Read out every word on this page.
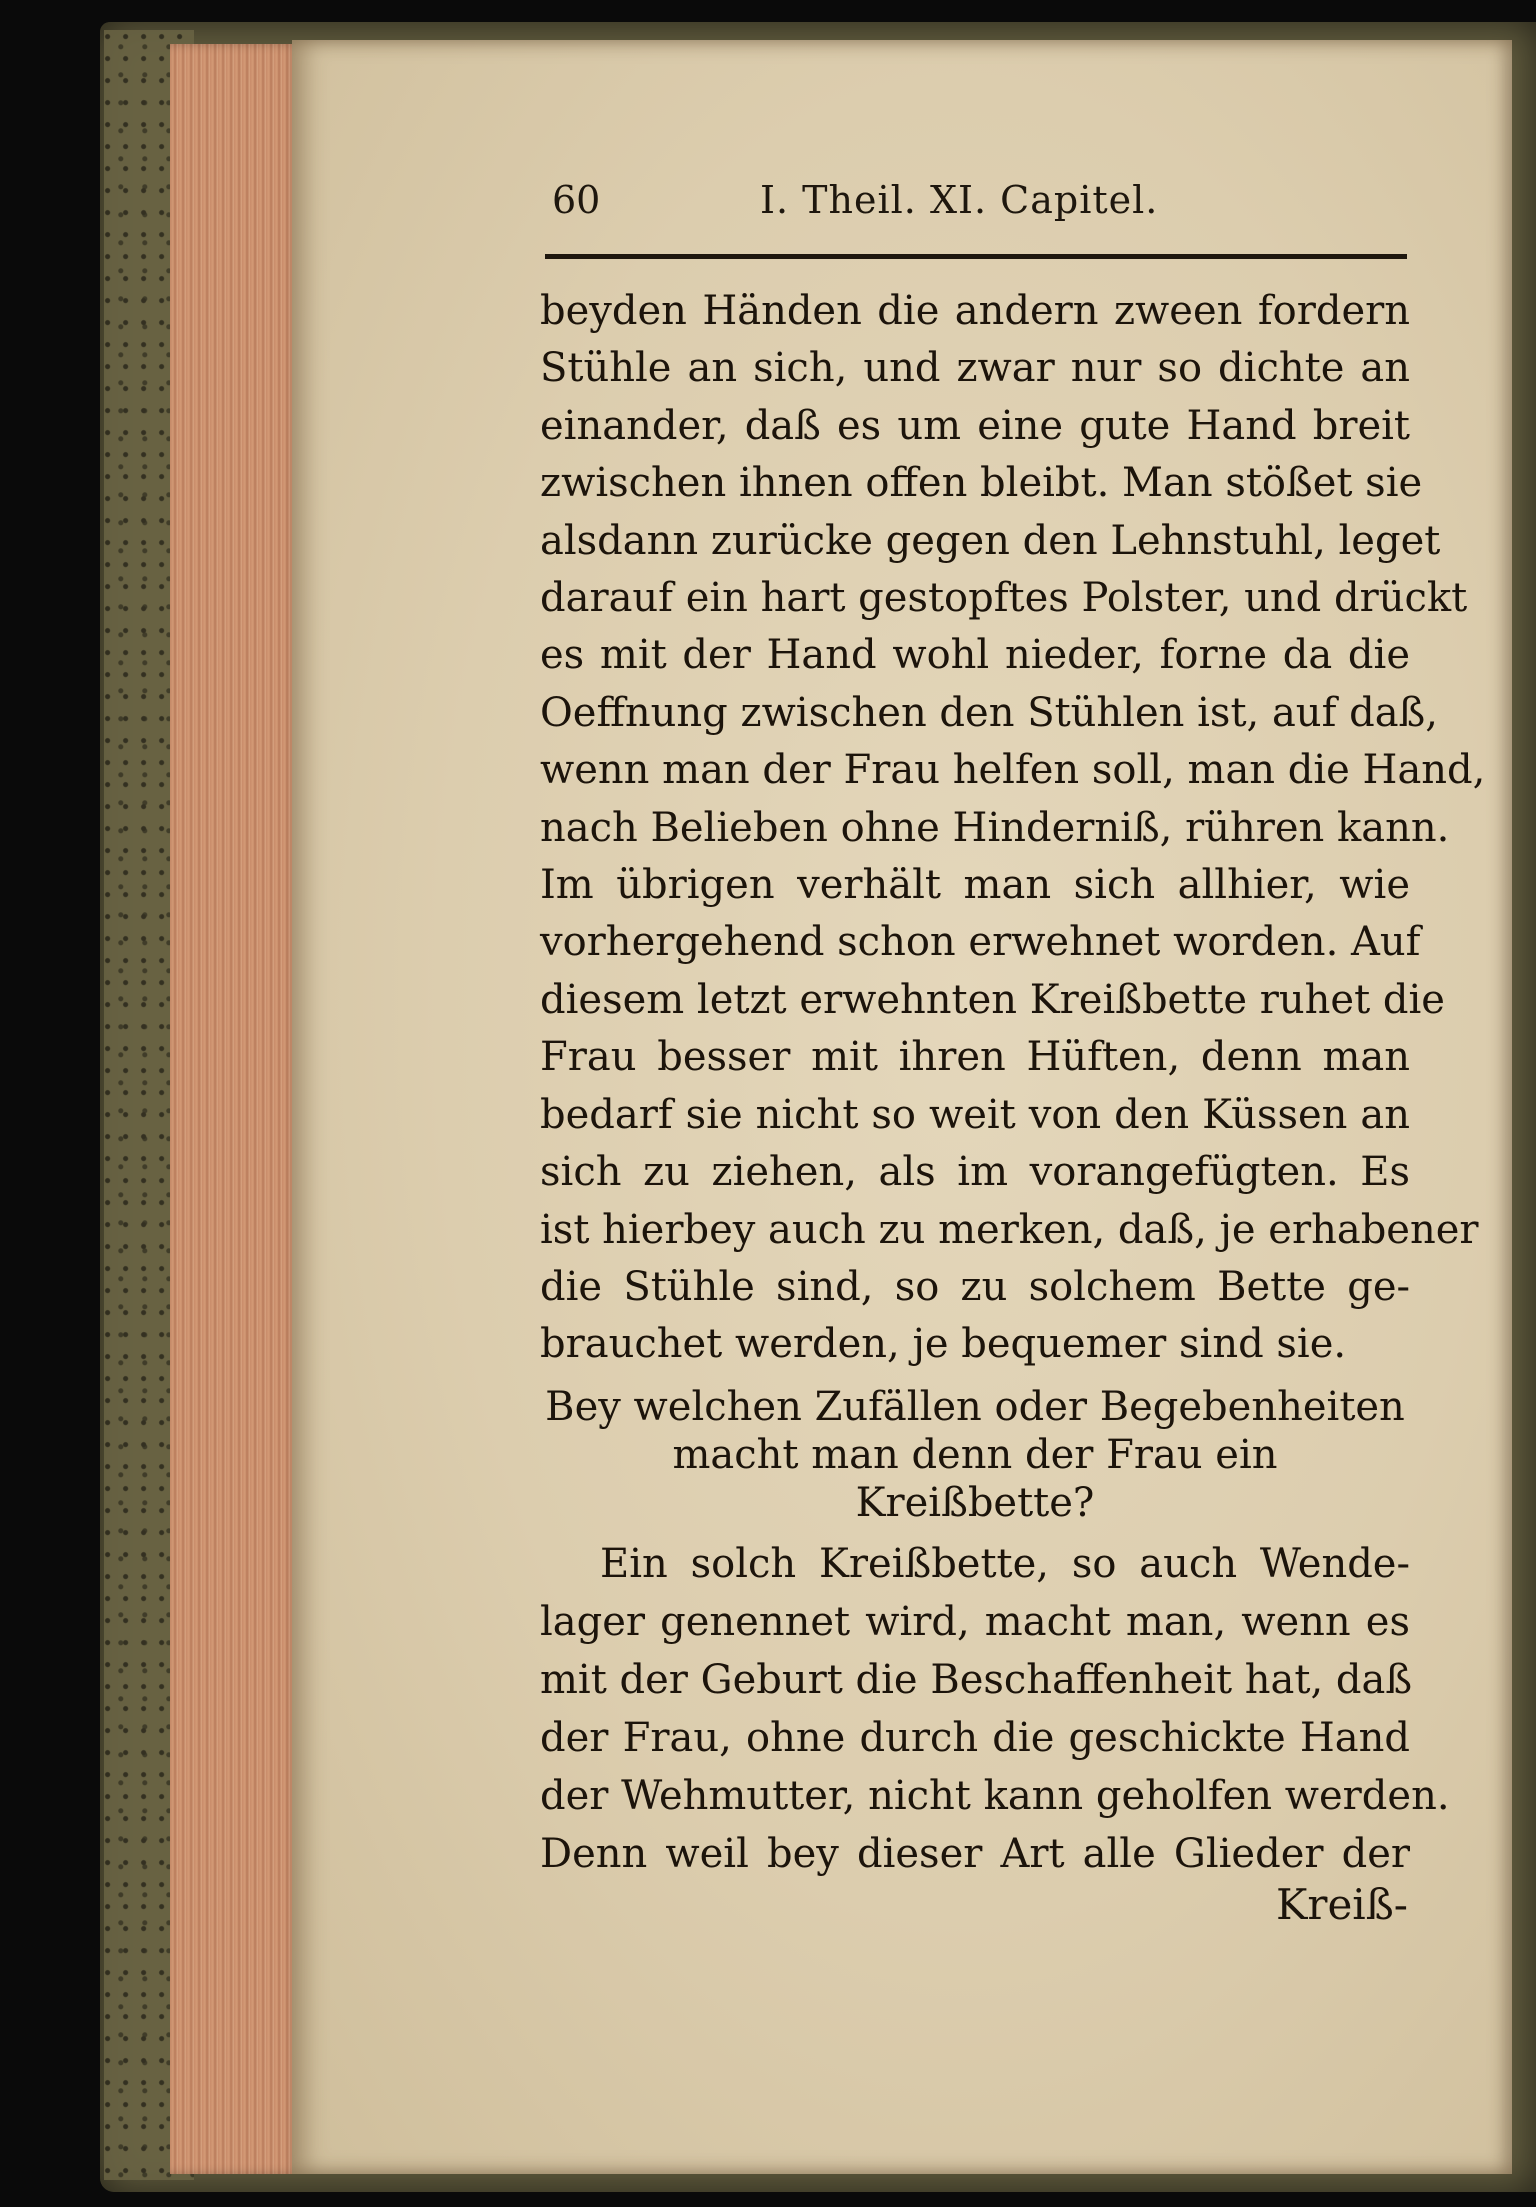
60	I. Theil. XI. Capitel.
beyden Händen die andern zween fordern
Stühle an sich, und zwar nur so dichte an
einander, daß es um eine gute Hand breit
zwischen ihnen offen bleibt. Man stößet sie
alsdann zurücke gegen den Lehnstuhl, leget
darauf ein hart gestopftes Polster, und drückt
es mit der Hand wohl nieder, forne da die
Oeffnung zwischen den Stühlen ist, auf daß,
wenn man der Frau helfen soll, man die Hand,
nach Belieben ohne Hinderniß, rühren kann.
Im übrigen verhält man sich allhier, wie
vorhergehend schon erwehnet worden. Auf
diesem letzt erwehnten Kreißbette ruhet die
Frau besser mit ihren Hüften, denn man
bedarf sie nicht so weit von den Küssen an
sich zu ziehen, als im vorangefügten. Es
ist hierbey auch zu merken, daß, je erhabener
die Stühle sind, so zu solchem Bette ge-
brauchet werden, je bequemer sind sie.
Bey welchen Zufällen oder Begebenheiten
macht man denn der Frau ein
Kreißbette?
Ein solch Kreißbette, so auch Wende-
lager genennet wird, macht man, wenn es
mit der Geburt die Beschaffenheit hat, daß
der Frau, ohne durch die geschickte Hand
der Wehmutter, nicht kann geholfen werden.
Denn weil bey dieser Art alle Glieder der
Kreiß-
